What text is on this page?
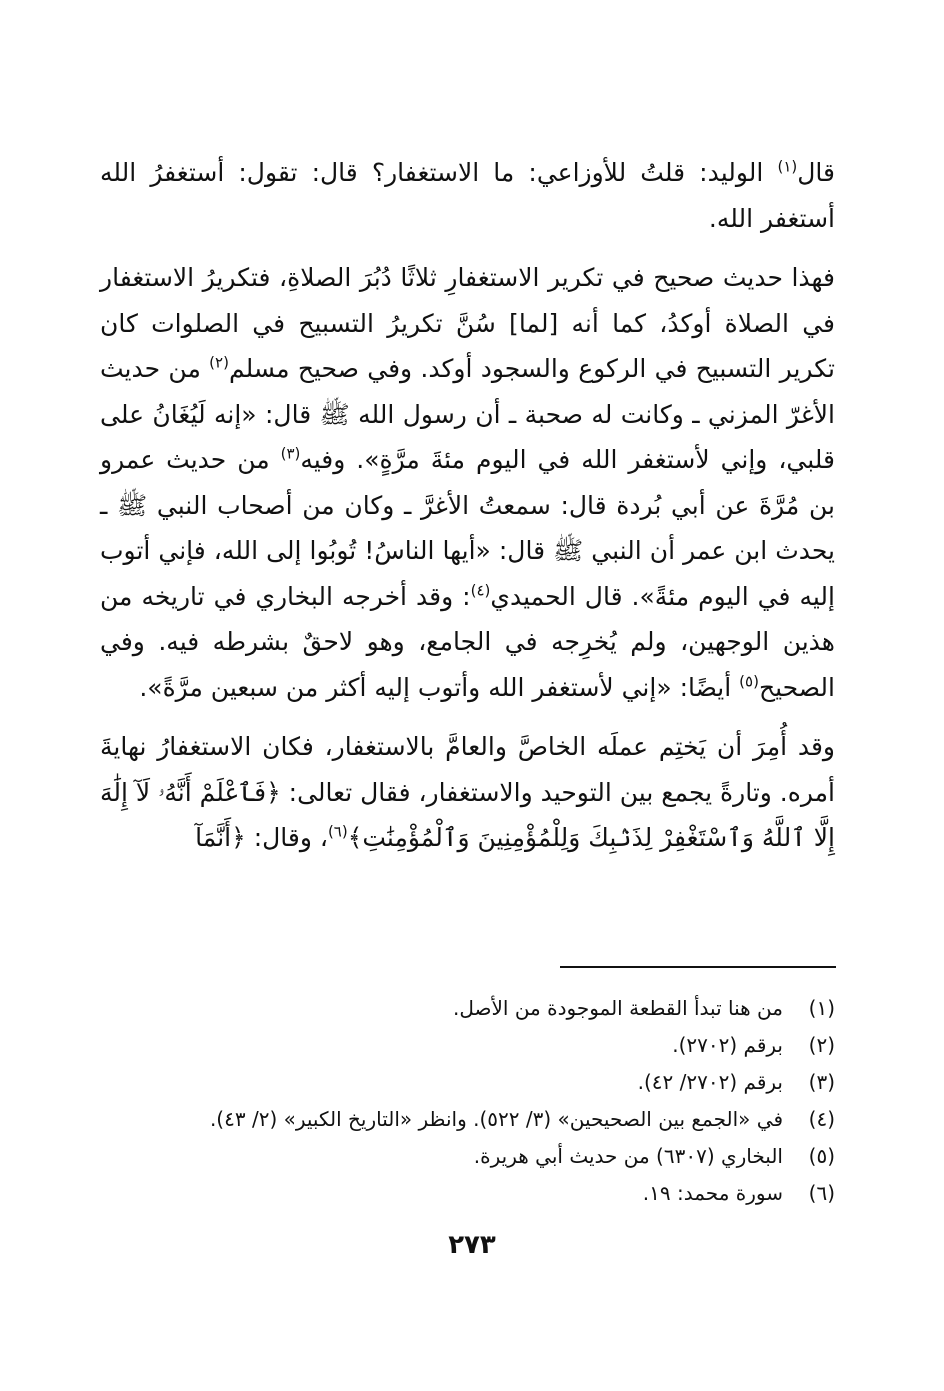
قال$^{(١)}$ الوليد: قلتُ للأوزاعي: ما الاستغفار؟ قال: تقول: أستغفرُ الله أستغفر الله.

فهذا حديث صحيح في تكرير الاستغفارِ ثلاثًا دُبُرَ الصلاةِ، فتكريرُ الاستغفار في الصلاة أوكدُ، كما أنه [لما] سُنَّ تكريرُ التسبيح في الصلوات كان تكرير التسبيح في الركوع والسجود أوكد. وفي صحيح مسلم$^{(٢)}$ من حديث الأغرّ المزني ـ وكانت له صحبة ـ أن رسول الله ﷺ قال: «إنه لَيُغَانُ على قلبي، وإني لأستغفر الله في اليوم مئةَ مرَّةٍ». وفيه$^{(٣)}$ من حديث عمرو بن مُرَّةَ عن أبي بُردة قال: سمعتُ الأغرَّ ـ وكان من أصحاب النبي ﷺ ـ يحدث ابن عمر أن النبي ﷺ قال: «أيها الناسُ! تُوبُوا إلى الله، فإني أتوب إليه في اليوم مئةً». قال الحميدي$^{(٤)}$: وقد أخرجه البخاري في تاريخه من هذين الوجهين، ولم يُخرِجه في الجامع، وهو لاحقٌ بشرطه فيه. وفي الصحيح$^{(٥)}$ أيضًا: «إني لأستغفر الله وأتوب إليه أكثر من سبعين مرَّةً».

وقد أُمِرَ أن يَختِم عملَه الخاصَّ والعامَّ بالاستغفار، فكان الاستغفارُ نهايةَ أمره. وتارةً يجمع بين التوحيد والاستغفار، فقال تعالى: ﴿فَٱعْلَمْ أَنَّهُۥ لَآ إِلَٰهَ إِلَّا ٱللَّهُ وَٱسْتَغْفِرْ لِذَنۢبِكَ وَلِلْمُؤْمِنِينَ وَٱلْمُؤْمِنَٰتِ﴾$^{(٦)}$، وقال: ﴿أَنَّمَآ

(١)
من هنا تبدأ القطعة الموجودة من الأصل.
(٢)
برقم (٢٧٠٢).
(٣)
برقم (٢٧٠٢/ ٤٢).
(٤)
في «الجمع بين الصحيحين» (٣/ ٥٢٢). وانظر «التاريخ الكبير» (٢/ ٤٣).
(٥)
البخاري (٦٣٠٧) من حديث أبي هريرة.
(٦)
سورة محمد: ١٩.
٢٧٣
